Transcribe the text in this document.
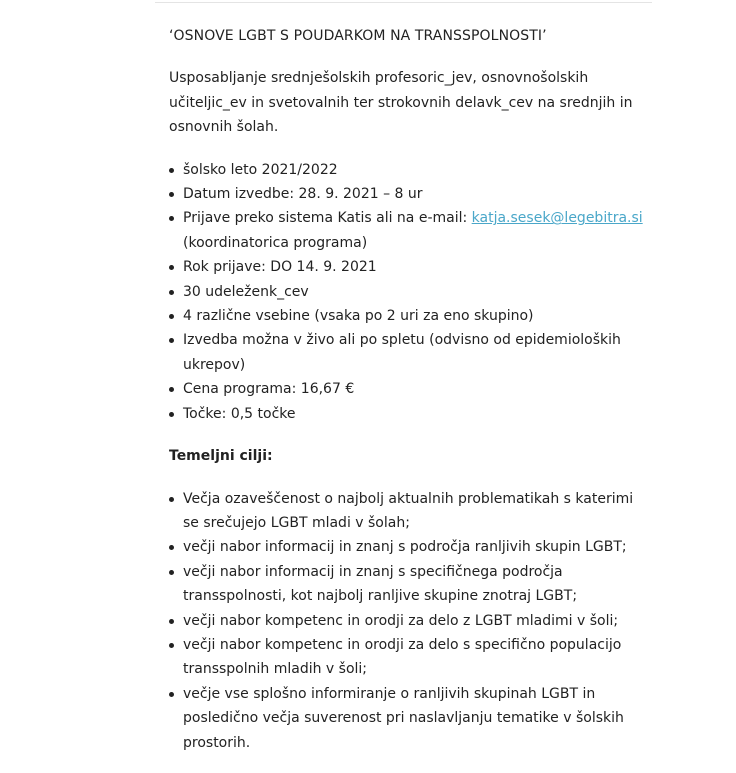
‘OSNOVE LGBT S POUDARKOM NA TRANSSPOLNOSTI’

Usposabljanje srednješolskih profesoric_jev, osnovnošolskih učiteljic_ev in svetovalnih ter strokovnih delavk_cev na srednjih in osnovnih šolah.

šolsko leto 2021/2022
Datum izvedbe: 28. 9. 2021 – 8 ur
Prijave preko sistema Katis ali na e-mail: katja.sesek@legebitra.si
(koordinatorica programa)
Rok prijave: DO 14. 9. 2021
30 udeleženk_cev
4 različne vsebine (vsaka po 2 uri za eno skupino)
Izvedba možna v živo ali po spletu (odvisno od epidemioloških ukrepov)
Cena programa: 16,67 €
Točke: 0,5 točke

Temeljni cilji:

Večja ozaveščenost o najbolj aktualnih problematikah s katerimi se srečujejo LGBT mladi v šolah;
večji nabor informacij in znanj s področja ranljivih skupin LGBT;
večji nabor informacij in znanj s specifičnega področja transspolnosti, kot najbolj ranljive skupine znotraj LGBT;
večji nabor kompetenc in orodji za delo z LGBT mladimi v šoli;
večji nabor kompetenc in orodji za delo s specifično populacijo transspolnih mladih v šoli;
večje vse splošno informiranje o ranljivih skupinah LGBT in posledično večja suverenost pri naslavljanju tematike v šolskih prostorih.
